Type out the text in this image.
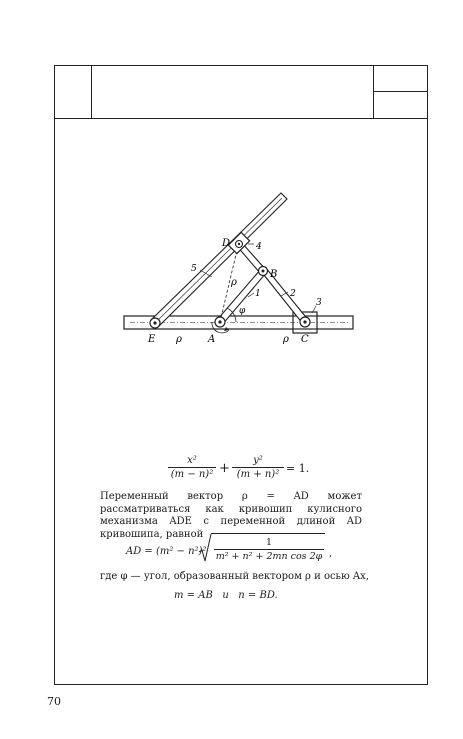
D	4
B
5
2
3
1
ρ
φ
E ρ	A	ρ C
$\frac{\text{x²}}{\text{(m − n)²}} + \frac{\text{y²}}{\text{(m + n)²}} = 1$.
Переменный вектор ρ = AD может рассматриваться как кривошип кулисного механизма ADE с переменной длиной AD кривошипа, равной
AD = $(m^2 - n^2)^2 \frac{1}{\text{m² + n² + 2mn cos 2φ}}$ ,
где φ — угол, образованный вектором ρ и осью Ax,
m = AB   и   n = BD.
70
